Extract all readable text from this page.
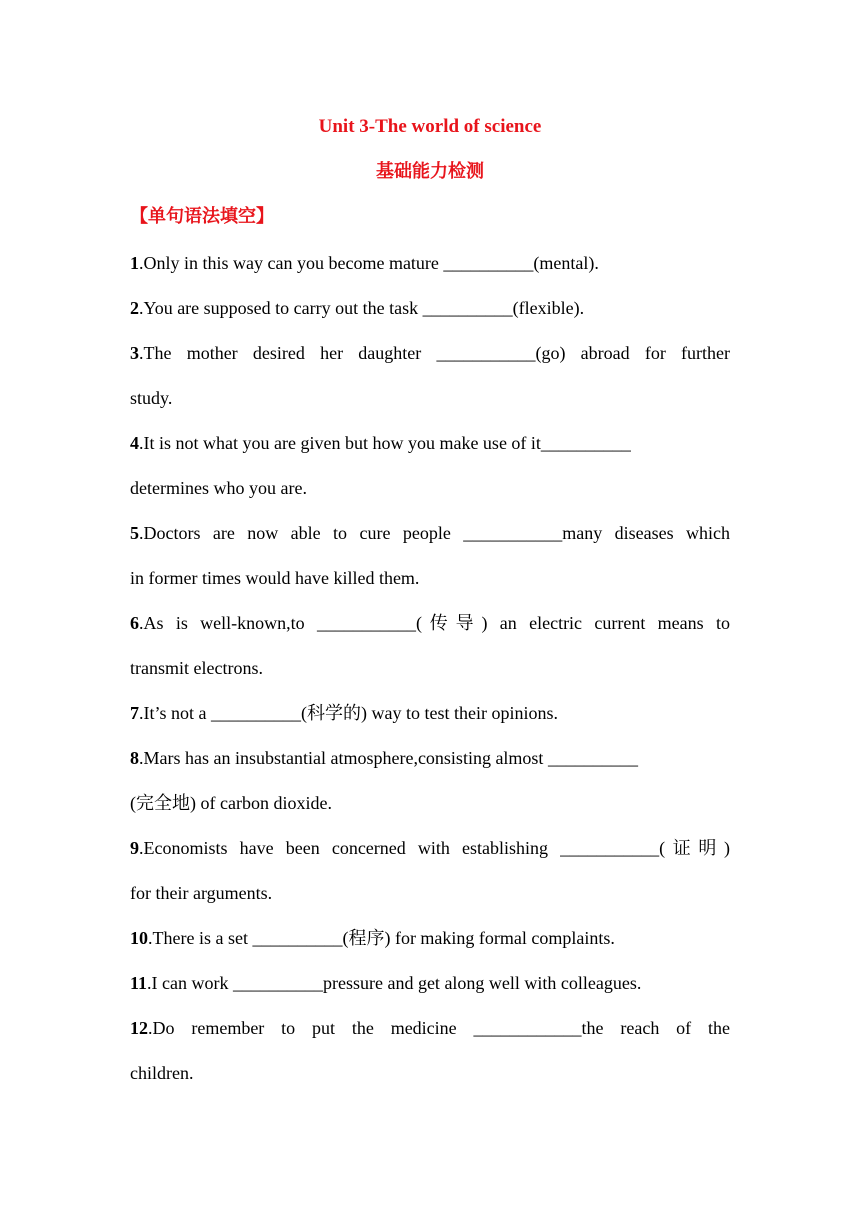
Unit 3-The world of science
基础能力检测
【单句语法填空】
1.Only in this way can you become mature __________(mental).
2.You are supposed to carry out the task __________(flexible).
3.The mother desired her daughter ___________(go) abroad for further
study.
4.It is not what you are given but how you make use of it__________
determines who you are.
5.Doctors are now able to cure people ___________many diseases which
in former times would have killed them.
6.As is well-known,to ___________(传导) an electric current means to
transmit electrons.
7.It’s not a __________(科学的) way to test their opinions.
8.Mars has an insubstantial atmosphere,consisting almost __________
(完全地) of carbon dioxide.
9.Economists have been concerned with establishing ___________(证明)
for their arguments.
10.There is a set __________(程序) for making formal complaints.
11.I can work __________pressure and get along well with colleagues.
12.Do remember to put the medicine ____________the reach of the
children.
